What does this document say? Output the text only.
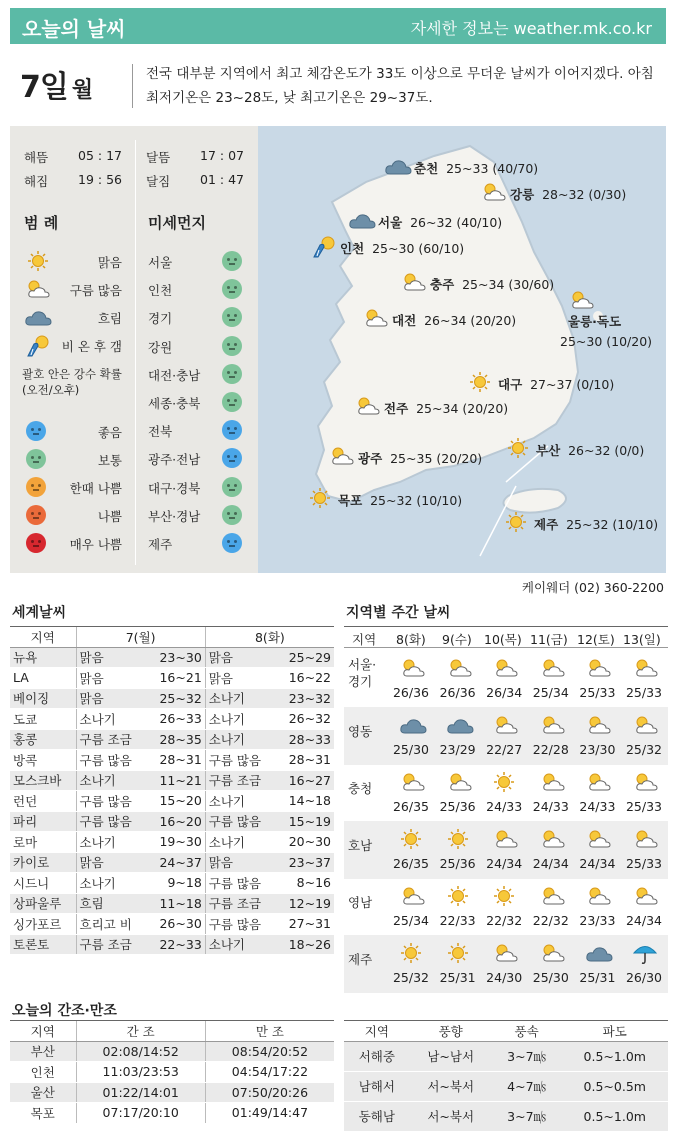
오늘의 날씨	자세한 정보는 weather.mk.co.kr
7일 월
전국 대부분 지역에서 최고 체감온도가 33도 이상으로 무더운 날씨가 이어지겠다. 아침 최저기온은 23~28도, 낮 최고기온은 29~37도.
해뜸 05 : 17
해짐 19 : 56
달뜸 17 : 07
달짐 01 : 47
범 례	미세먼지
맑음
구름 많음
흐림
비 온 후 갬
괄호 안은 강수 확률 (오전/오후)
좋음
보통
한때 나쁨
나쁨
매우 나쁨
서울
인천
경기
강원
대전·충남
세종·충북
전북
광주·전남
대구·경북
부산·경남
제주
춘천 25~33 (40/70)
강릉 28~32 (0/30)
서울 26~32 (40/10)
인천 25~30 (60/10)
충주 25~34 (30/60)
울릉·독도
25~30 (10/20)
대전 26~34 (20/20)
대구 27~37 (0/10)
전주 25~34 (20/20)
광주 25~35 (20/20)
부산 26~32 (0/0)
목포 25~32 (10/10)
제주 25~32 (10/10)
케이웨더 (02) 360-2200
세계날씨
지역	7(월)		8(화)	
뉴욕	맑음	23~30	맑음	25~29
LA	맑음	16~21	맑음	16~22
베이징	맑음	25~32	소나기	23~32
도쿄	소나기	26~33	소나기	26~32
홍콩	구름 조금	28~35	소나기	28~33
방콕	구름 많음	28~31	구름 많음	28~31
모스크바	소나기	11~21	구름 조금	16~27
런던	구름 많음	15~20	소나기	14~18
파리	구름 많음	16~20	구름 많음	15~19
로마	소나기	19~30	소나기	20~30
카이로	맑음	24~37	맑음	23~37
시드니	소나기	9~18	구름 많음	8~16
상파울루	흐림	11~18	구름 조금	12~19
싱가포르	흐리고 비	26~30	구름 많음	27~31
토론토	구름 조금	22~33	소나기	18~26
지역별 주간 날씨
지역 8(화) 9(수) 10(목) 11(금) 12(토) 13(일)
서울·
경기
26/36 26/36 26/34 25/34 25/33 25/33
영동
25/30 23/29 22/27 22/28 23/30 25/32
충청
26/35 25/36 24/33 24/33 24/33 25/33
호남
26/35 25/36 24/34 24/34 24/34 25/33
영남
25/34 22/33 22/32 22/32 23/33 24/34
제주
25/32 25/31 24/30 25/30 25/31 26/30
오늘의 간조·만조
지역	간 조	만 조
부산	02:08/14:52	08:54/20:52
인천	11:03/23:53	04:54/17:22
울산	01:22/14:01	07:50/20:26
목포	07:17/20:10	01:49/14:47
지역	풍향	풍속	파도
서해중	남~남서	3~7㎧	0.5~1.0m
남해서	서~북서	4~7㎧	0.5~0.5m
동해남	서~북서	3~7㎧	0.5~1.0m
